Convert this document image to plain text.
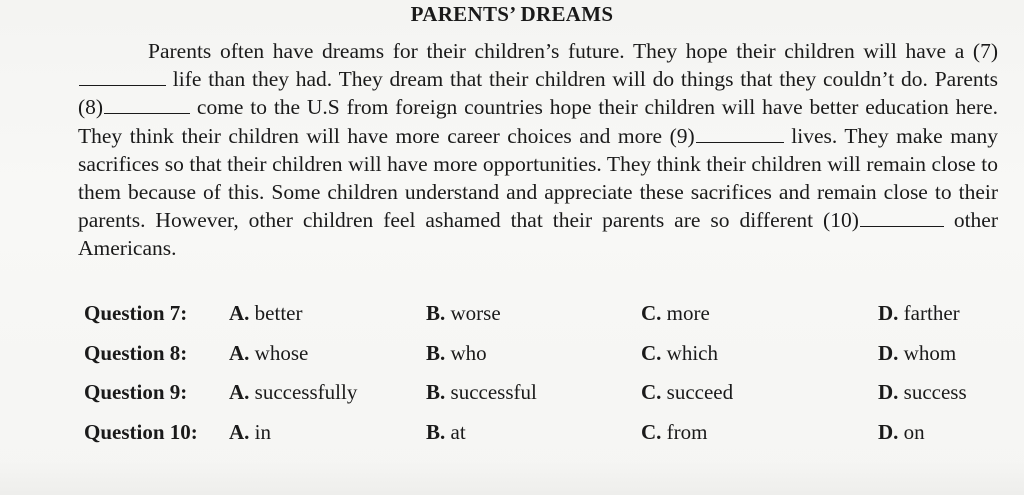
PARENTS’ DREAMS
Parents often have dreams for their children’s future. They hope their children will have a (7) life than they had. They dream that their children will do things that they couldn’t do. Parents (8)	come to the U.S from foreign countries hope their children will have better education here. They think their children will have more career choices and more (9)	lives. They make many sacrifices so that their children will have more opportunities. They think their children will remain close to them because of this. Some children understand and appreciate these sacrifices and remain close to their parents. However, other children feel ashamed that their parents are so different (10)	other Americans.
Question 7: A. better	B. worse	C. more	D. farther
Question 8: A. whose	B. who	C. which	D. whom
Question 9: A. successfully	B. successful	C. succeed	D. success
Question 10: A. in	B. at	C. from	D. on
